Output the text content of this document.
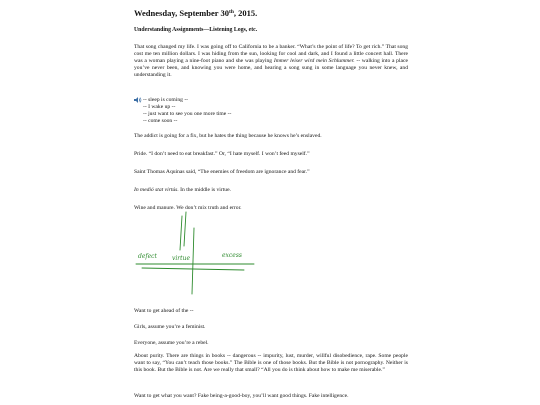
Wednesday, September 30th, 2015.
Understanding Assignments—Listening Logs, etc.
That song changed my life. I was going off to California to be a banker. “What’s the point of life? To get rich.” That song cost me ten million dollars. I was hiding from the sun, looking for cool and dark, and I found a little concert hall. There was a woman playing a nine-foot piano and she was playing Immer leiser wird mein Schlummer. -- walking into a place you’ve never been, and knowing you were home, and hearing a song sung in some language you never knew, and understanding it.
-- sleep is coming --
-- I wake up --
-- just want to see you one more time --
-- come soon --
The addict is going for a fix, but he hates the thing because he knows he’s enslaved.
Pride. “I don’t need to eat breakfast.” Or, “I hate myself. I won’t feed myself.”
Saint Thomas Aquinas said, “The enemies of freedom are ignorance and fear.”
In medió stat virtús. In the middle is virtue.
Wine and manure. We don’t mix truth and error.
defect	virtue	excess
Want to get ahead of the --
Girls, assume you’re a feminist.
Everyone, assume you’re a rebel.
About purity. There are things in books -- dangerous -- impurity, lust, murder, willful disobedience, rape. Some people want to say, “You can’t teach those books.” The Bible is one of those books. But the Bible is not pornography. Neither is this book. But the Bible is not. Are we really that small? “All you do is think about how to make me miserable.”
Want to get what you want? Fake being-a-good-boy, you’ll want good things. Fake intelligence.
